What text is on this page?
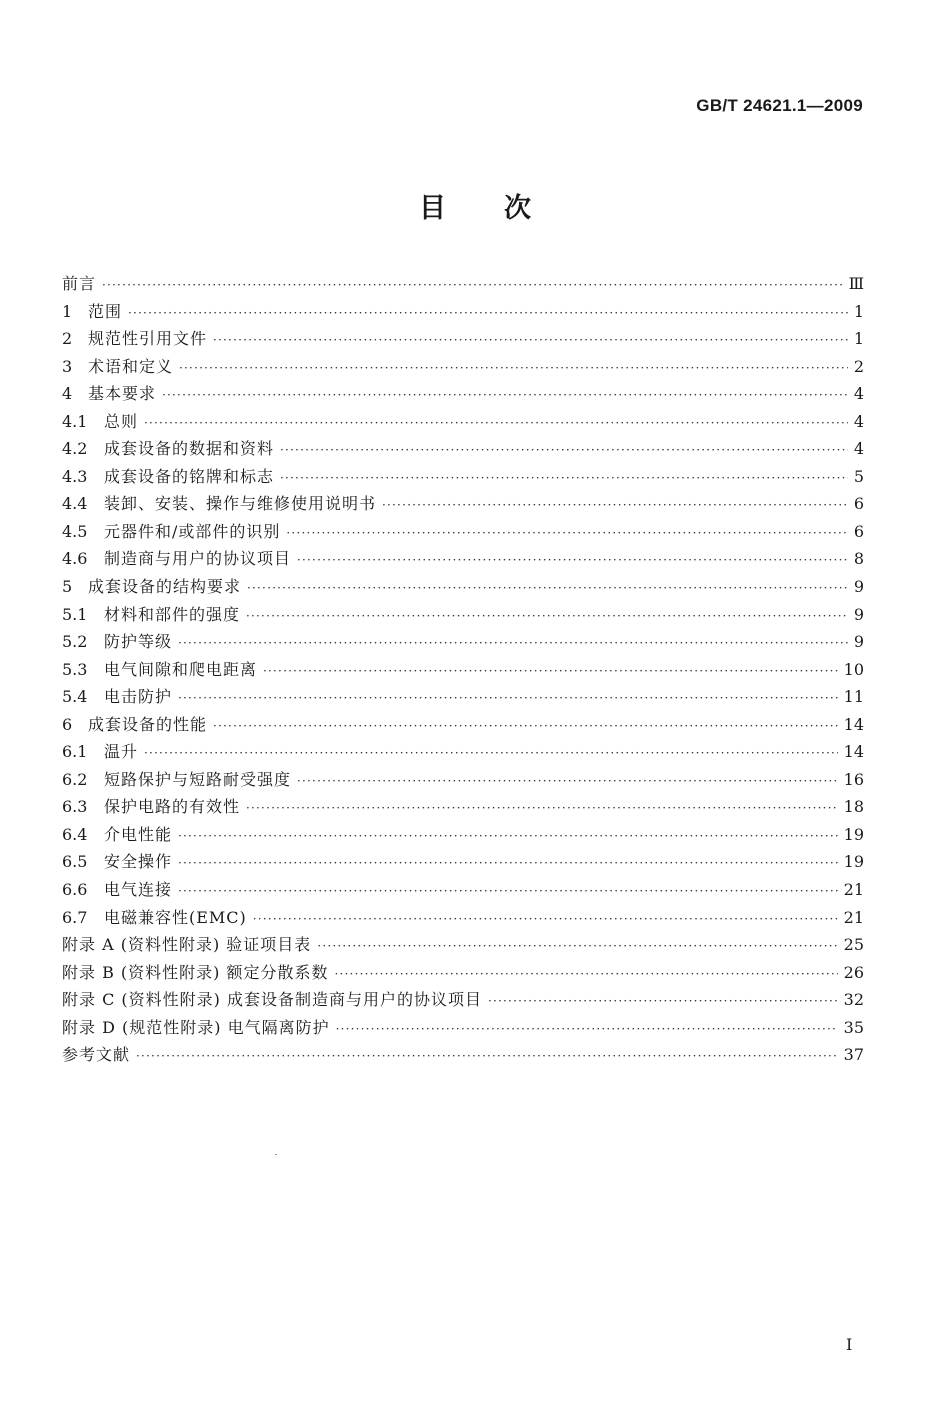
GB/T 24621.1—2009
目次
前言 ·····	Ⅲ
1 范围 ·····	1
2 规范性引用文件 ·····	1
3 术语和定义 ·····	2
4 基本要求 ·····	4
4.1	总则 ·····	4
4.2	成套设备的数据和资料 ·····	4
4.3	成套设备的铭牌和标志 ·····	5
4.4	装卸、安装、操作与维修使用说明书 ·····	6
4.5	元器件和/或部件的识别 ·····	6
4.6	制造商与用户的协议项目 ·····	8
5 成套设备的结构要求 ·····	9
5.1	材料和部件的强度 ·····	9
5.2	防护等级 ·····	9
5.3	电气间隙和爬电距离 ·····	10
5.4	电击防护 ·····	11
6 成套设备的性能 ·····	14
6.1	温升 ·····	14
6.2	短路保护与短路耐受强度 ·····	16
6.3	保护电路的有效性 ·····	18
6.4	介电性能 ·····	19
6.5	安全操作 ·····	19
6.6	电气连接 ·····	21
6.7	电磁兼容性(EMC) ·····	21
附录 A (资料性附录) 验证项目表 ·····	25
附录 B (资料性附录) 额定分散系数 ·····	26
附录 C (资料性附录) 成套设备制造商与用户的协议项目 ·····	32
附录 D (规范性附录) 电气隔离防护 ·····	35
参考文献 ·····	37
I
